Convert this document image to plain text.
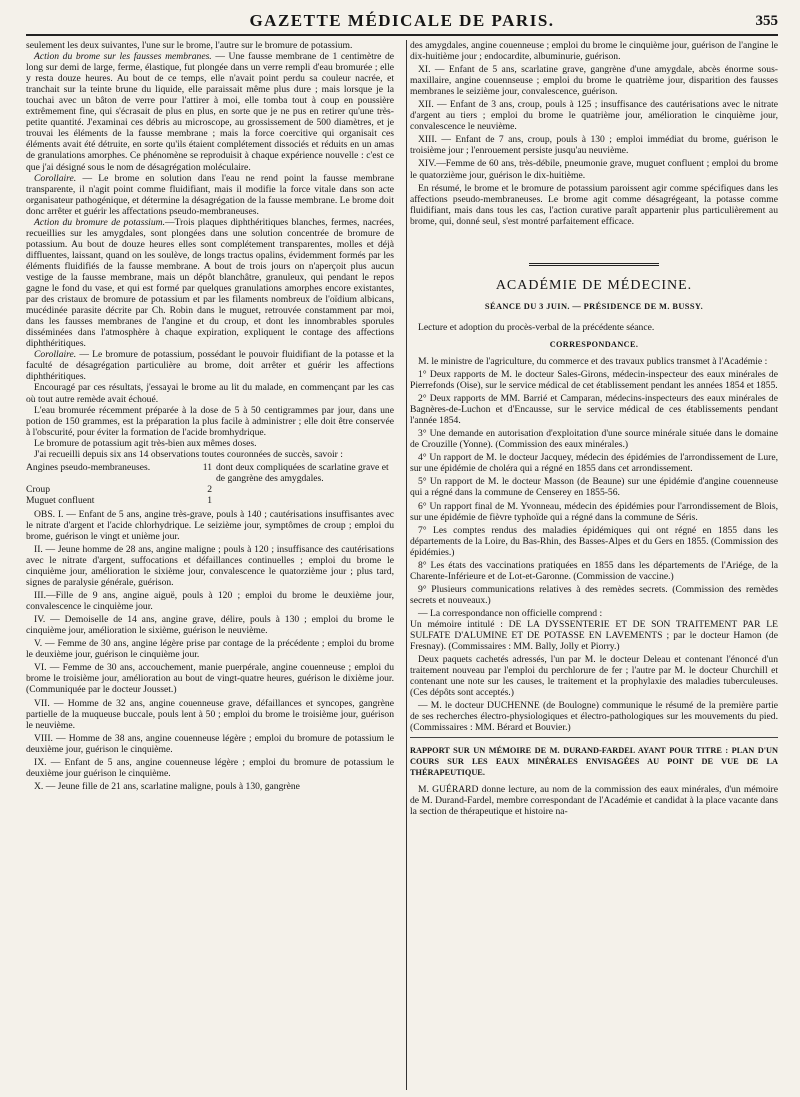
GAZETTE MÉDICALE DE PARIS.	355

seulement les deux suivantes, l'une sur le brome, l'autre sur le bromure de potassium.

Action du brome sur les fausses membranes. — Une fausse membrane de 1 centimètre de long sur demi de large, ferme, élastique, fut plongée dans un verre rempli d'eau bromurée ; elle y resta douze heures. Au bout de ce temps, elle n'avait point perdu sa couleur nacrée, et tranchait sur la teinte brune du liquide, elle paraissait même plus dure ; mais lorsque je la touchai avec un bâton de verre pour l'attirer à moi, elle tomba tout à coup en poussière extrêmement fine, qui s'écrasait de plus en plus, en sorte que je ne pus en retirer qu'une très-petite quantité. J'examinai ces débris au microscope, au grossissement de 500 diamètres, et je trouvai les éléments de la fausse membrane ; mais la force coercitive qui organisait ces éléments avait été détruite, en sorte qu'ils étaient complétement dissociés et réduits en un amas de granulations amorphes. Ce phénomène se reproduisit à chaque expérience nouvelle : c'est ce que j'ai désigné sous le nom de désagrégation moléculaire.

Corollaire. — Le brome en solution dans l'eau ne rend point la fausse membrane transparente, il n'agit point comme fluidifiant, mais il modifie la force vitale dans son acte organisateur pathogénique, et détermine la désagrégation de la fausse membrane. Le brome doit donc arrêter et guérir les affectations pseudo-membraneuses.

Action du bromure de potassium.—Trois plaques diphthéritiques blanches, fermes, nacrées, recueillies sur les amygdales, sont plongées dans une solution concentrée de bromure de potassium. Au bout de douze heures elles sont complétement transparentes, molles et déjà diffluentes, laissant, quand on les soulève, de longs tractus opalins, évidemment formés par les éléments fluidifiés de la fausse membrane. A bout de trois jours on n'aperçoit plus aucun vestige de la fausse membrane, mais un dépôt blanchâtre, granuleux, qui pendant le repos gagne le fond du vase, et qui est formé par quelques granulations amorphes encore existantes, par des cristaux de bromure de potassium et par les filaments nombreux de l'oïdium albicans, mucédinée parasite décrite par Ch. Robin dans le muguet, retrouvée constamment par moi, dans les fausses membranes de l'angine et du croup, et dont les innombrables sporules disséminées dans l'atmosphère à chaque expiration, expliquent le contage des affections diphthéritiques.

Corollaire. — Le bromure de potassium, possédant le pouvoir fluidifiant de la potasse et la faculté de désagrégation particulière au brome, doit arrêter et guérir les affections diphthéritiques.

Encouragé par ces résultats, j'essayai le brome au lit du malade, en commençant par les cas où tout autre remède avait échoué.

L'eau bromurée récemment préparée à la dose de 5 à 50 centigrammes par jour, dans une potion de 150 grammes, est la préparation la plus facile à administrer ; elle doit être conservée à l'obscurité, pour éviter la formation de l'acide bromhydrique.

Le bromure de potassium agit très-bien aux mêmes doses.

J'ai recueilli depuis six ans 14 observations toutes couronnées de succès, savoir :

Angines pseudo-membraneuses.	11	dont deux compliquées de scarlatine grave et de gangrène des amygdales.
Croup	2	
Muguet confluent	1	

OBS. I. — Enfant de 5 ans, angine très-grave, pouls à 140 ; cautérisations insuffisantes avec le nitrate d'argent et l'acide chlorhydrique. Le seizième jour, symptômes de croup ; emploi du brome, guérison le vingt et unième jour.

II. — Jeune homme de 28 ans, angine maligne ; pouls à 120 ; insuffisance des cautérisations avec le nitrate d'argent, suffocations et défaillances continuelles ; emploi du brome le cinquième jour, amélioration le sixième jour, convalescence le quatorzième jour ; plus tard, signes de paralysie générale, guérison.

III.—Fille de 9 ans, angine aiguë, pouls à 120 ; emploi du brome le deuxième jour, convalescence le cinquième jour.

IV. — Demoiselle de 14 ans, angine grave, délire, pouls à 130 ; emploi du brome le cinquième jour, amélioration le sixième, guérison le neuvième.

V. — Femme de 30 ans, angine légère prise par contage de la précédente ; emploi du brome le deuxième jour, guérison le cinquième jour.

VI. — Femme de 30 ans, accouchement, manie puerpérale, angine couenneuse ; emploi du brome le troisième jour, amélioration au bout de vingt-quatre heures, guérison le dixième jour. (Communiquée par le docteur Jousset.)

VII. — Homme de 32 ans, angine couenneuse grave, défaillances et syncopes, gangrène partielle de la muqueuse buccale, pouls lent à 50 ; emploi du brome le troisième jour, guérison le neuvième.

VIII. — Homme de 38 ans, angine couenneuse légère ; emploi du bromure de potassium le deuxième jour, guérison le cinquième.

IX. — Enfant de 5 ans, angine couenneuse légère ; emploi du bromure de potassium le deuxième jour guérison le cinquième.

X. — Jeune fille de 21 ans, scarlatine maligne, pouls à 130, gangrène

des amygdales, angine couenneuse ; emploi du brome le cinquième jour, guérison de l'angine le dix-huitième jour ; endocardite, albuminurie, guérison.

XI. — Enfant de 5 ans, scarlatine grave, gangrène d'une amygdale, abcès énorme sous-maxillaire, angine couennseuse ; emploi du brome le quatrième jour, disparition des fausses membranes le seizième jour, convalescence, guérison.

XII. — Enfant de 3 ans, croup, pouls à 125 ; insuffisance des cautérisations avec le nitrate d'argent au tiers ; emploi du brome le quatrième jour, amélioration le cinquième jour, convalescence le neuvième.

XIII. — Enfant de 7 ans, croup, pouls à 130 ; emploi immédiat du brome, guérison le troisième jour ; l'enrouement persiste jusqu'au neuvième.

XIV.—Femme de 60 ans, très-débile, pneumonie grave, muguet confluent ; emploi du brome le quatorzième jour, guérison le dix-huitième.

En résumé, le brome et le bromure de potassium paroissent agir comme spécifiques dans les affections pseudo-membraneuses. Le brome agit comme désagrégeant, la potasse comme fluidifiant, mais dans tous les cas, l'action curative paraît appartenir plus particulièrement au brome, qui, donné seul, s'est montré parfaitement efficace.

ACADÉMIE DE MÉDECINE.
SÉANCE DU 3 JUIN. — PRÉSIDENCE DE M. BUSSY.

Lecture et adoption du procès-verbal de la précédente séance.

CORRESPONDANCE.

M. le ministre de l'agriculture, du commerce et des travaux publics transmet à l'Académie :

1° Deux rapports de M. le docteur Sales-Girons, médecin-inspecteur des eaux minérales de Pierrefonds (Oise), sur le service médical de cet établissement pendant les années 1854 et 1855.

2° Deux rapports de MM. Barrié et Camparan, médecins-inspecteurs des eaux minérales de Bagnères-de-Luchon et d'Encausse, sur le service médical de ces établissements pendant l'année 1854.

3° Une demande en autorisation d'exploitation d'une source minérale située dans le domaine de Crouzille (Yonne). (Commission des eaux minérales.)

4° Un rapport de M. le docteur Jacquey, médecin des épidémies de l'arrondissement de Lure, sur une épidémie de choléra qui a régné en 1855 dans cet arrondissement.

5° Un rapport de M. le docteur Masson (de Beaune) sur une épidémie d'angine couenneuse qui a régné dans la commune de Censerey en 1855-56.

6° Un rapport final de M. Yvonneau, médecin des épidémies pour l'arrondissement de Blois, sur une épidémie de fièvre typhoïde qui a régné dans la commune de Séris.

7° Les comptes rendus des maladies épidémiques qui ont régné en 1855 dans les départements de la Loire, du Bas-Rhin, des Basses-Alpes et du Gers en 1855. (Commission des épidémies.)

8° Les états des vaccinations pratiquées en 1855 dans les départements de l'Ariége, de la Charente-Inférieure et de Lot-et-Garonne. (Commission de vaccine.)

9° Plusieurs communications relatives à des remèdes secrets. (Commission des remèdes secrets et nouveaux.)

— La correspondance non officielle comprend :

Un mémoire intitulé : DE LA DYSSENTERIE ET DE SON TRAITEMENT PAR LE SULFATE D'ALUMINE ET DE POTASSE EN LAVEMENTS ; par le docteur Hamon (de Fresnay). (Commissaires : MM. Bally, Jolly et Piorry.)

Deux paquets cachetés adressés, l'un par M. le docteur Deleau et contenant l'énoncé d'un traitement nouveau par l'emploi du perchlorure de fer ; l'autre par M. le docteur Churchill et contenant une note sur les causes, le traitement et la prophylaxie des maladies tuberculeuses. (Ces dépôts sont acceptés.)

— M. le docteur DUCHENNE (de Boulogne) communique le résumé de la première partie de ses recherches électro-physiologiques et électro-pathologiques sur les mouvements du pied. (Commissaires : MM. Bérard et Bouvier.)

RAPPORT SUR UN MÉMOIRE DE M. DURAND-FARDEL AYANT POUR TITRE : PLAN D'UN COURS SUR LES EAUX MINÉRALES ENVISAGÉES AU POINT DE VUE DE LA THÉRAPEUTIQUE.

M. GUÉRARD donne lecture, au nom de la commission des eaux minérales, d'un mémoire de M. Durand-Fardel, membre correspondant de l'Académie et candidat à la place vacante dans la section de thérapeutique et histoire na-
